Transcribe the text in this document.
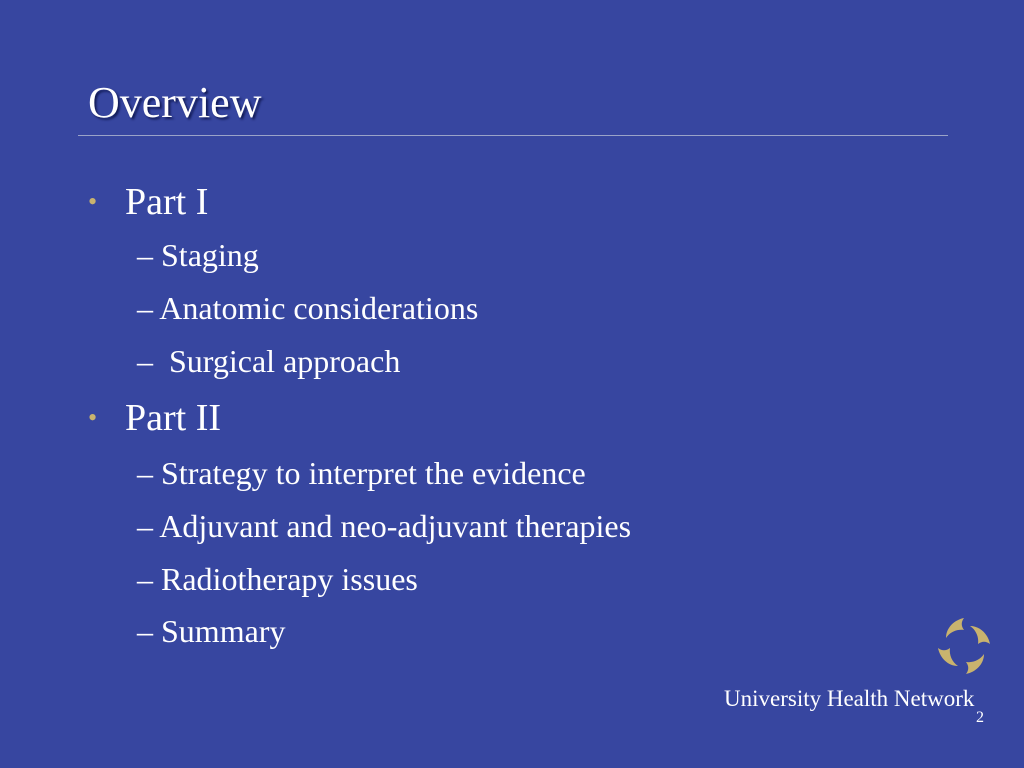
Overview
• Part I
– Staging
– Anatomic considerations
–  Surgical approach
• Part II
– Strategy to interpret the evidence
– Adjuvant and neo-adjuvant therapies
– Radiotherapy issues
– Summary
University Health Network
2
